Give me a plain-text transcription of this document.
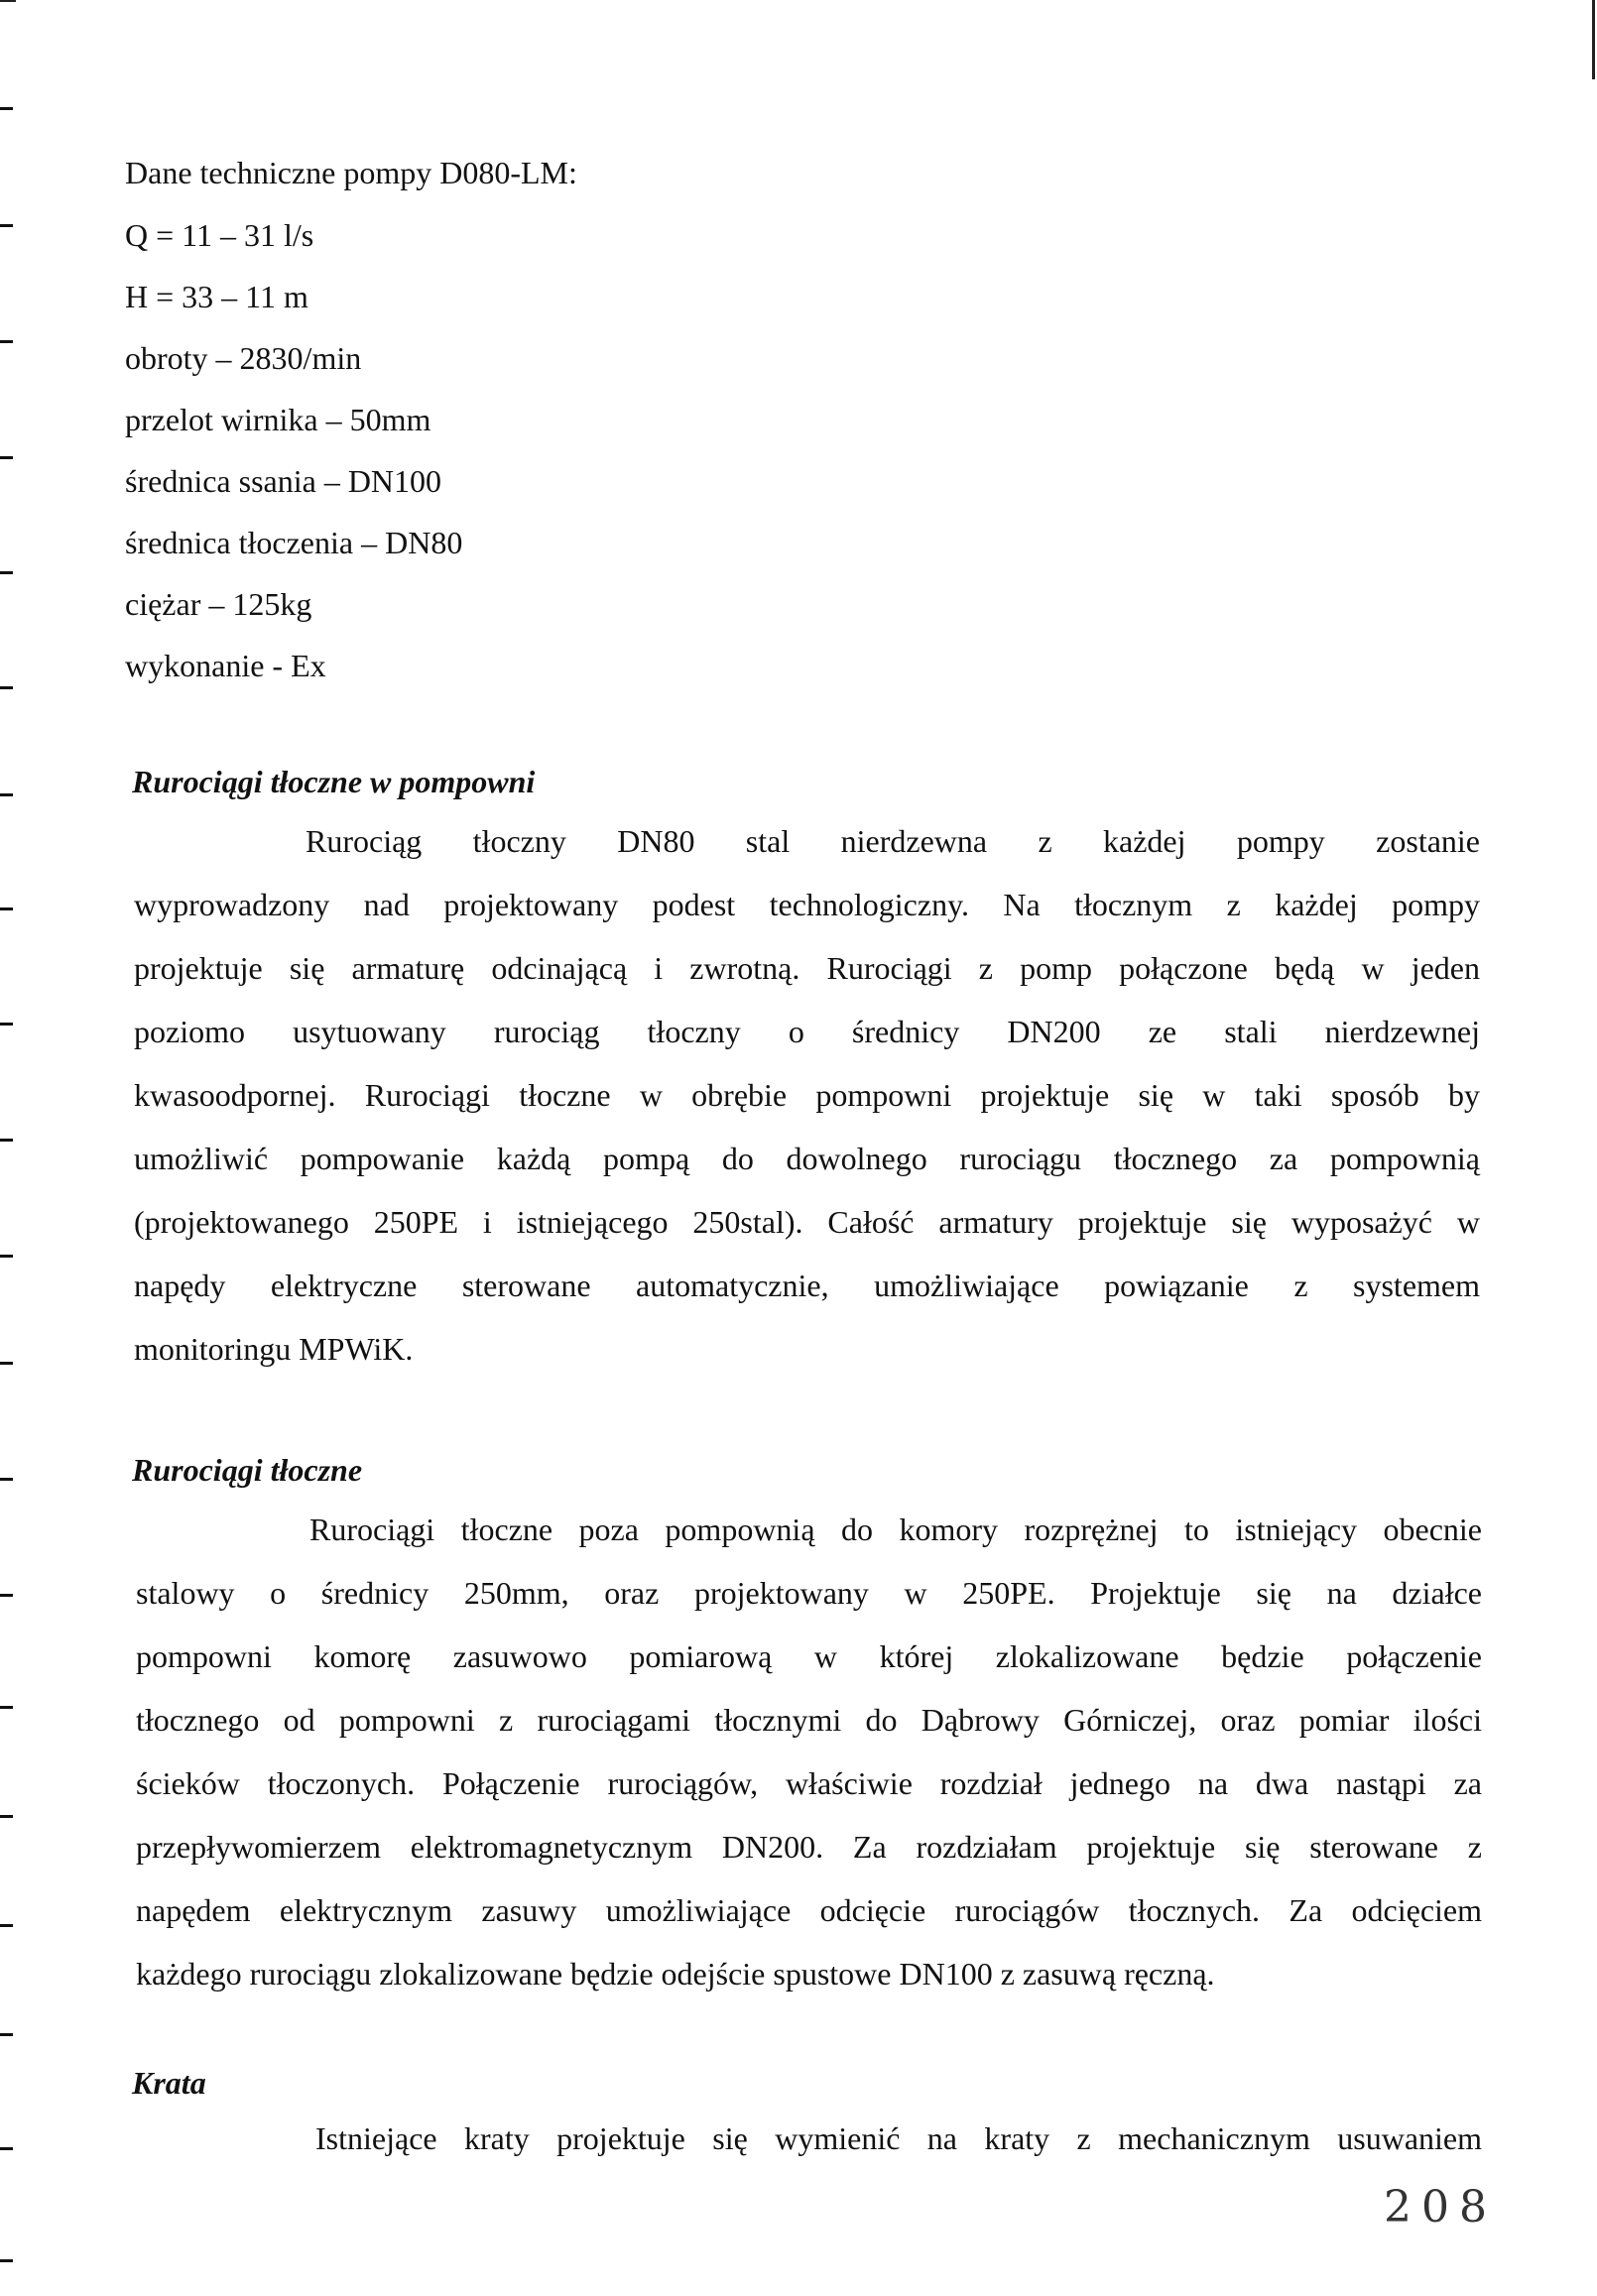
Dane techniczne pompy D080-LM:
Q = 11 – 31 l/s
H = 33 – 11 m
obroty – 2830/min
przelot wirnika – 50mm
średnica ssania – DN100
średnica tłoczenia – DN80
ciężar – 125kg
wykonanie - Ex
Rurociągi tłoczne w pompowni
Rurociąg tłoczny DN80 stal nierdzewna z każdej pompy zostanie
wyprowadzony nad projektowany podest technologiczny. Na tłocznym z każdej pompy
projektuje się armaturę odcinającą i zwrotną. Rurociągi z pomp połączone będą w jeden
poziomo usytuowany rurociąg tłoczny o średnicy DN200 ze stali nierdzewnej
kwasoodpornej. Rurociągi tłoczne w obrębie pompowni projektuje się w taki sposób by
umożliwić pompowanie każdą pompą do dowolnego rurociągu tłocznego za pompownią
(projektowanego 250PE i istniejącego 250stal). Całość armatury projektuje się wyposażyć w
napędy elektryczne sterowane automatycznie, umożliwiające powiązanie z systemem
monitoringu MPWiK.
Rurociągi tłoczne
Rurociągi tłoczne poza pompownią do komory rozprężnej to istniejący obecnie
stalowy o średnicy 250mm, oraz projektowany w 250PE. Projektuje się na działce
pompowni komorę zasuwowo pomiarową w której zlokalizowane będzie połączenie
tłocznego od pompowni z rurociągami tłocznymi do Dąbrowy Górniczej, oraz pomiar ilości
ścieków tłoczonych. Połączenie rurociągów, właściwie rozdział jednego na dwa nastąpi za
przepływomierzem elektromagnetycznym DN200. Za rozdziałam projektuje się sterowane z
napędem elektrycznym zasuwy umożliwiające odcięcie rurociągów tłocznych. Za odcięciem
każdego rurociągu zlokalizowane będzie odejście spustowe DN100 z zasuwą ręczną.
Krata
Istniejące kraty projektuje się wymienić na kraty z mechanicznym usuwaniem
208
